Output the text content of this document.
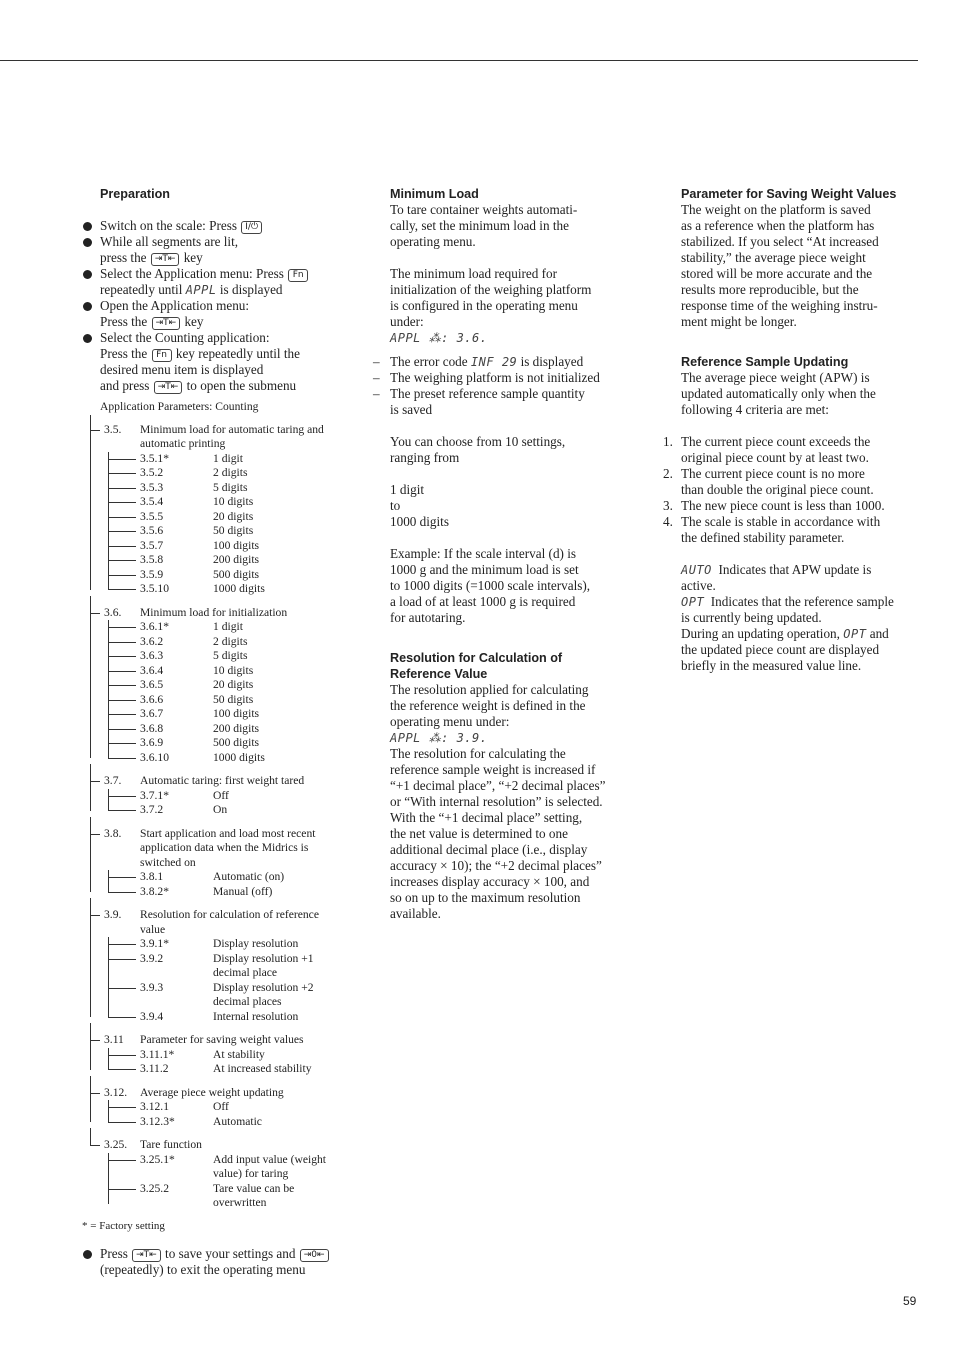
Preparation
Switch on the scale: Press I/⏻
While all segments are lit,
press the ⇥T⇤ key
Select the Application menu: Press Fn
repeatedly until APPL is displayed
Open the Application menu:
Press the ⇥T⇤ key
Select the Counting application:
Press the Fn key repeatedly until the
desired menu item is displayed
and press ⇥T⇤ to open the submenu
Application Parameters: Counting
3.5.	Minimum load for automatic taring and automatic printing
3.5.1*	1 digit
3.5.2	2 digits
3.5.3	5 digits
3.5.4	10 digits
3.5.5	20 digits
3.5.6	50 digits
3.5.7	100 digits
3.5.8	200 digits
3.5.9	500 digits
3.5.10	1000 digits
3.6.	Minimum load for initialization
3.6.1*	1 digit
3.6.2	2 digits
3.6.3	5 digits
3.6.4	10 digits
3.6.5	20 digits
3.6.6	50 digits
3.6.7	100 digits
3.6.8	200 digits
3.6.9	500 digits
3.6.10	1000 digits
3.7.	Automatic taring: first weight tared
3.7.1*	Off
3.7.2	On
3.8.	Start application and load most recent application data when the Midrics is switched on
3.8.1	Automatic (on)
3.8.2*	Manual (off)
3.9.	Resolution for calculation of reference value
3.9.1*	Display resolution
3.9.2	Display resolution +1 decimal place
3.9.3	Display resolution +2 decimal places
3.9.4	Internal resolution
3.11	Parameter for saving weight values
3.11.1*	At stability
3.11.2	At increased stability
3.12.	Average piece weight updating
3.12.1	Off
3.12.3*	Automatic
3.25.	Tare function
3.25.1*	Add input value (weight value) for taring
3.25.2	Tare value can be overwritten
* = Factory setting
Press ⇥T⇤ to save your settings and ⇥0⇤
(repeatedly) to exit the operating menu
Minimum Load
To tare container weights automati-
cally, set the minimum load in the
operating menu.
The minimum load required for
initialization of the weighing platform
is configured in the operating menu
under:
APPL ⁂: 3.6.
– The error code INF 29 is displayed
– The weighing platform is not initialized
– The preset reference sample quantity
is saved
You can choose from 10 settings,
ranging from
1 digit
to
1000 digits
Example: If the scale interval (d) is
1000 g and the minimum load is set
to 1000 digits (=1000 scale intervals),
a load of at least 1000 g is required
for autotaring.
Resolution for Calculation of
Reference Value
The resolution applied for calculating
the reference weight is defined in the
operating menu under:
APPL ⁂: 3.9.
The resolution for calculating the
reference sample weight is increased if
“+1 decimal place”, “+2 decimal places”
or “With internal resolution” is selected.
With the “+1 decimal place” setting,
the net value is determined to one
additional decimal place (i.e., display
accuracy × 10); the “+2 decimal places”
increases display accuracy × 100, and
so on up to the maximum resolution
available.
Parameter for Saving Weight Values
The weight on the platform is saved
as a reference when the platform has
stabilized. If you select “At increased
stability,” the average piece weight
stored will be more accurate and the
results more reproducible, but the
response time of the weighing instru-
ment might be longer.
Reference Sample Updating
The average piece weight (APW) is
updated automatically only when the
following 4 criteria are met:
1. The current piece count exceeds the
original piece count by at least two.
2. The current piece count is no more
than double the original piece count.
3. The new piece count is less than 1000.
4. The scale is stable in accordance with
the defined stability parameter.
AUTO Indicates that APW update is
active.
OPT Indicates that the reference sample
is currently being updated.
During an updating operation, OPT and
the updated piece count are displayed
briefly in the measured value line.
59
